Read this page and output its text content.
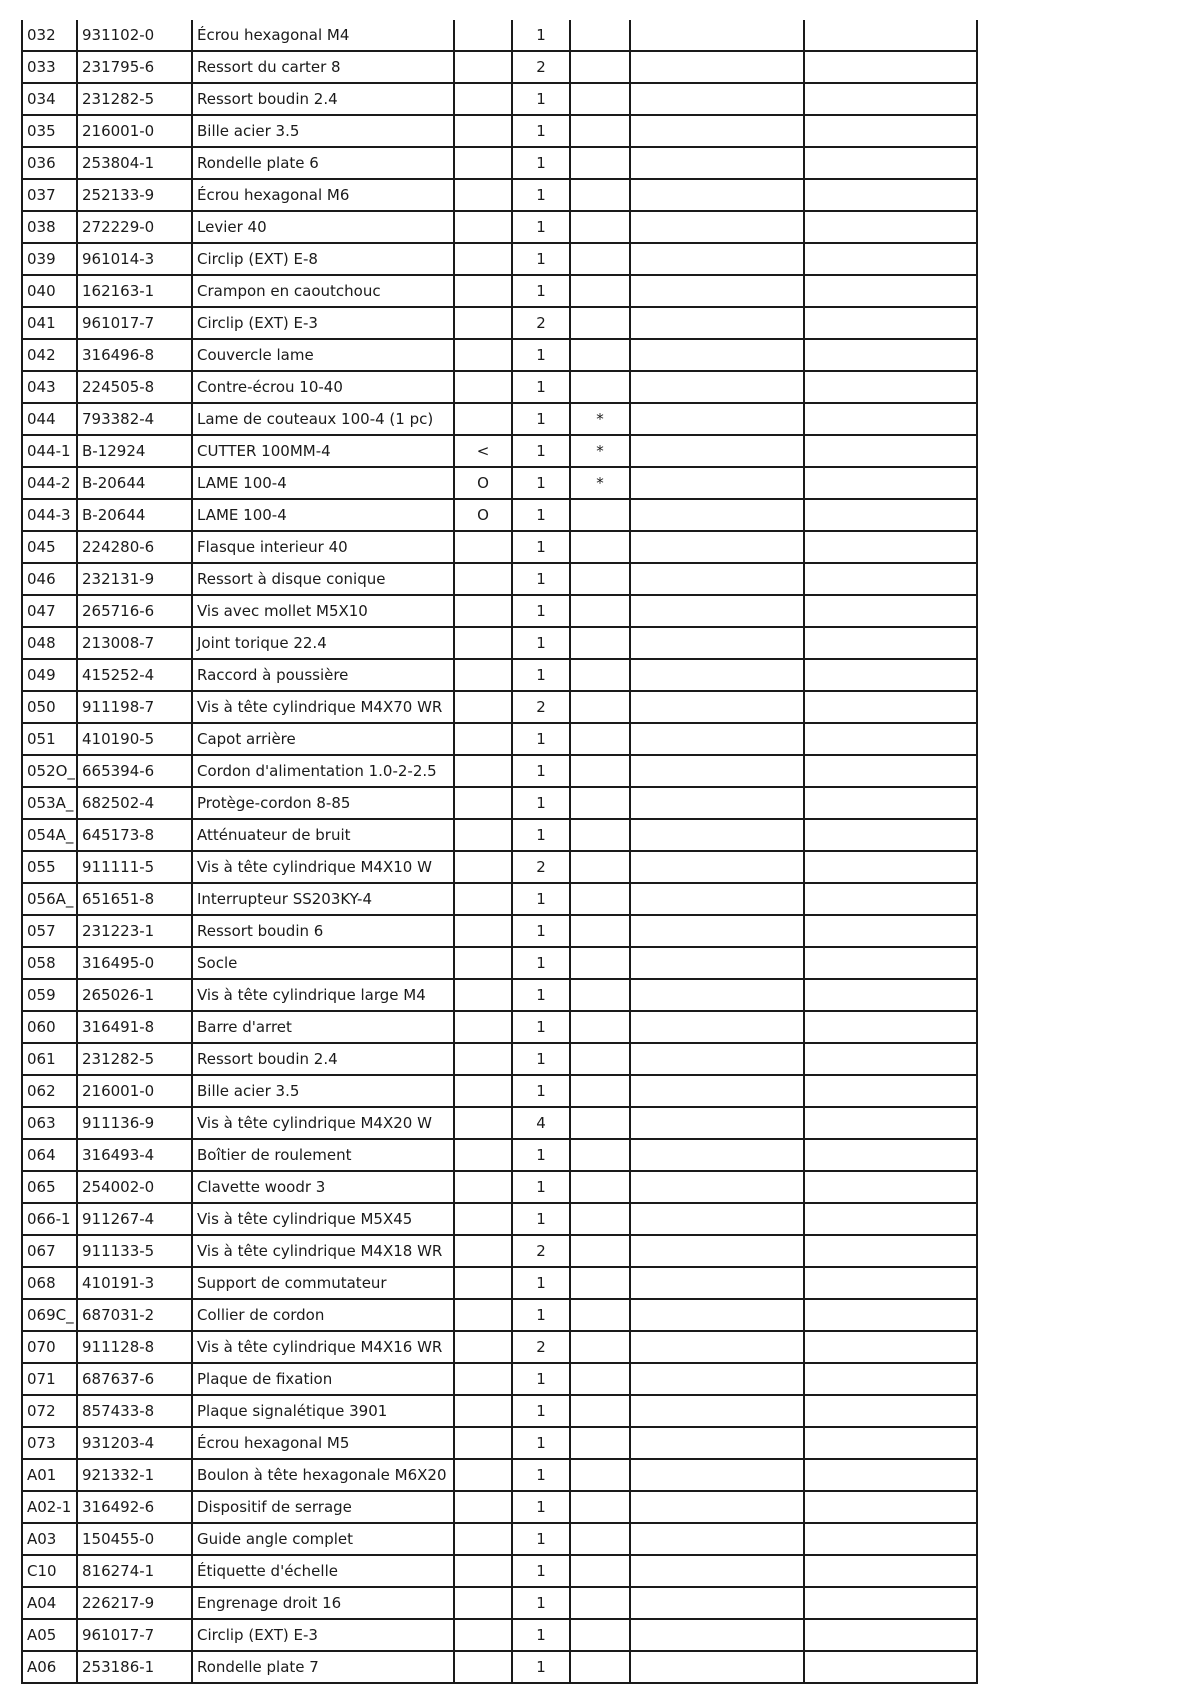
032	931102-0	Écrou hexagonal M4		1			
033	231795-6	Ressort du carter 8		2			
034	231282-5	Ressort boudin 2.4		1			
035	216001-0	Bille acier 3.5		1			
036	253804-1	Rondelle plate 6		1			
037	252133-9	Écrou hexagonal M6		1			
038	272229-0	Levier 40		1			
039	961014-3	Circlip (EXT) E-8		1			
040	162163-1	Crampon en caoutchouc		1			
041	961017-7	Circlip (EXT) E-3		2			
042	316496-8	Couvercle lame		1			
043	224505-8	Contre-écrou 10-40		1			
044	793382-4	Lame de couteaux 100-4 (1 pc)		1	*		
044-1	B-12924	CUTTER 100MM-4	<	1	*		
044-2	B-20644	LAME 100-4	O	1	*		
044-3	B-20644	LAME 100-4	O	1			
045	224280-6	Flasque interieur 40		1			
046	232131-9	Ressort à disque conique		1			
047	265716-6	Vis avec mollet M5X10		1			
048	213008-7	Joint torique 22.4		1			
049	415252-4	Raccord à poussière		1			
050	911198-7	Vis à tête cylindrique M4X70 WR		2			
051	410190-5	Capot arrière		1			
052O_	665394-6	Cordon d'alimentation 1.0-2-2.5		1			
053A_	682502-4	Protège-cordon 8-85		1			
054A_	645173-8	Atténuateur de bruit		1			
055	911111-5	Vis à tête cylindrique M4X10 W		2			
056A_	651651-8	Interrupteur SS203KY-4		1			
057	231223-1	Ressort boudin 6		1			
058	316495-0	Socle		1			
059	265026-1	Vis à tête cylindrique large M4		1			
060	316491-8	Barre d'arret		1			
061	231282-5	Ressort boudin 2.4		1			
062	216001-0	Bille acier 3.5		1			
063	911136-9	Vis à tête cylindrique M4X20 W		4			
064	316493-4	Boîtier de roulement		1			
065	254002-0	Clavette woodr 3		1			
066-1	911267-4	Vis à tête cylindrique M5X45		1			
067	911133-5	Vis à tête cylindrique M4X18 WR		2			
068	410191-3	Support de commutateur		1			
069C_	687031-2	Collier de cordon		1			
070	911128-8	Vis à tête cylindrique M4X16 WR		2			
071	687637-6	Plaque de fixation		1			
072	857433-8	Plaque signalétique 3901		1			
073	931203-4	Écrou hexagonal M5		1			
A01	921332-1	Boulon à tête hexagonale M6X20		1			
A02-1	316492-6	Dispositif de serrage		1			
A03	150455-0	Guide angle complet		1			
C10	816274-1	Étiquette d'échelle		1			
A04	226217-9	Engrenage droit 16		1			
A05	961017-7	Circlip (EXT) E-3		1			
A06	253186-1	Rondelle plate 7		1			
